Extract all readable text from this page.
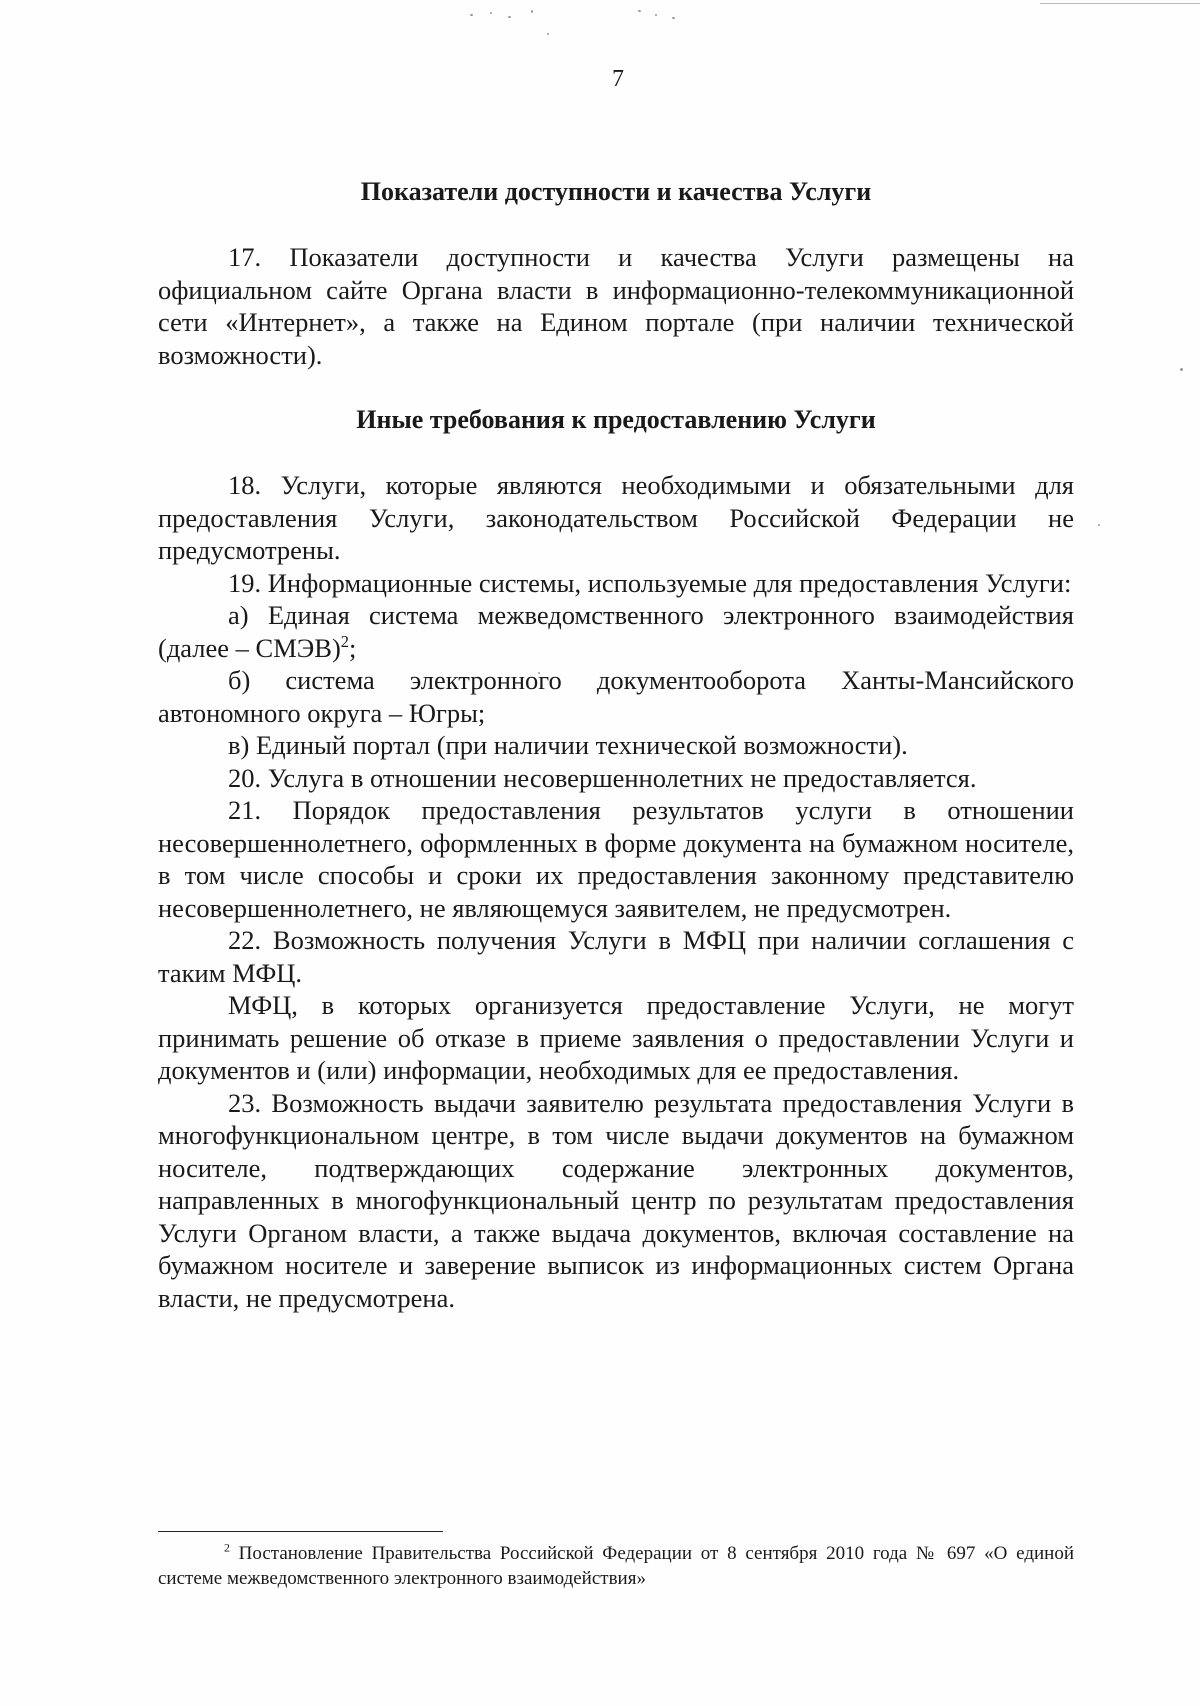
7
Показатели доступности и качества Услуги

17. Показатели доступности и качества Услуги размещены на официальном сайте Органа власти в информационно-телекоммуникационной сети «Интернет», а также на Едином портале (при наличии технической возможности).

Иные требования к предоставлению Услуги

18. Услуги, которые являются необходимыми и обязательными для предоставления Услуги, законодательством Российской Федерации не предусмотрены.

19. Информационные системы, используемые для предоставления Услуги:

а) Единая система межведомственного электронного взаимодействия (далее – СМЭВ)$^2$;

б) система электронного документооборота Ханты-Мансийского автономного округа – Югры;

в) Единый портал (при наличии технической возможности).

20. Услуга в отношении несовершеннолетних не предоставляется.

21. Порядок предоставления результатов услуги в отношении несовершеннолетнего, оформленных в форме документа на бумажном носителе, в том числе способы и сроки их предоставления законному представителю несовершеннолетнего, не являющемуся заявителем, не предусмотрен.

22. Возможность получения Услуги в МФЦ при наличии соглашения с таким МФЦ.

МФЦ, в которых организуется предоставление Услуги, не могут принимать решение об отказе в приеме заявления о предоставлении Услуги и документов и (или) информации, необходимых для ее предоставления.

23. Возможность выдачи заявителю результата предоставления Услуги в многофункциональном центре, в том числе выдачи документов на бумажном носителе, подтверждающих содержание электронных документов, направленных в многофункциональный центр по результатам предоставления Услуги Органом власти, а также выдача документов, включая составление на бумажном носителе и заверение выписок из информационных систем Органа власти, не предусмотрена.

$^2$ Постановление Правительства Российской Федерации от 8 сентября 2010 года № 697 «О единой системе межведомственного электронного взаимодействия»
